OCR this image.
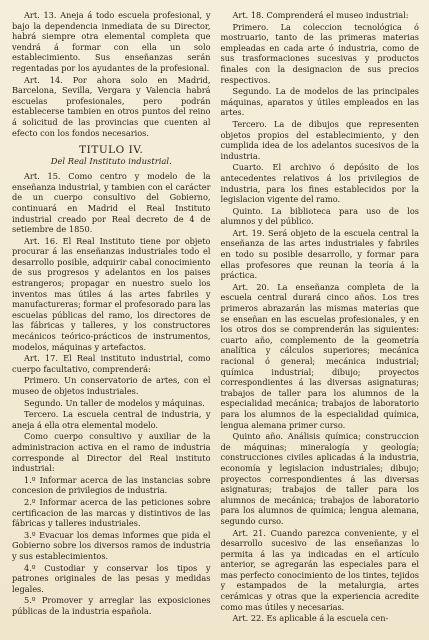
Art. 13. Aneja á todo escuela profesional, y bajo la dependencia inmediata de su Director, habrá siempre otra elemental completa que vendrá á formar con ella un solo establecimiento. Sus enseñanzas serán regentadas por los ayudantes de la profesional.

Art. 14. Por ahora solo en Madrid, Barcelona, Sevilla, Vergara y Valencia habrá escuelas profesionales, pero podrán establecerse tambien en otros puntos del reino á solicitud de las provincias que cuenten al efecto con los fondos necesarios.

TITULO IV.
Del Real Instituto industrial.

Art. 15. Como centro y modelo de la enseñanza industrial, y tambien con el carácter de un cuerpo consultivo del Gobierno, continuará en Madrid el Real Instituto industrial creado por Real decreto de 4 de setiembre de 1850.

Art. 16. El Real Instituto tiene por objeto procurar á las enseñanzas industriales todo el desarrollo posible, adquirir cabal conocimiento de sus progresos y adelantos en los paises estrangeros; propagar en nuestro suelo los inventos mas útiles á las artes fabriles y manufactureras; formar el profesorado para las escuelas públicas del ramo, los directores de las fábricas y talleres, y los constructores mecánicos teórico-prácticos de instrumentos, modelos, máquinas y artefactos.

Art. 17. El Real instituto industrial, como cuerpo facultativo, comprenderá:

Primero. Un conservatorio de artes, con el museo de objetos industriales.

Segundo. Un taller de modelos y máquinas.

Tercero. La escuela central de industria, y aneja á ella otra elemental modelo.

Como cuerpo consultivo y auxiliar de la administracion activa en el ramo de industria corresponde al Director del Real instituto industrial:

1.º Informar acerca de las instancias sobre concesion de privilegios de industria.

2.º Informar acerca de las peticiones sobre certificacion de las marcas y distintivos de las fábricas y talleres industriales.

3.º Evacuar los demas informes que pida el Gobierno sobre los diversos ramos de industria y sus establecimientos.

4.º Custodiar y conservar los tipos y patrones originales de las pesas y medidas legales.

5.º Promover y arreglar las exposiciones públicas de la industria española.

Art. 18. Comprenderá el museo industrial:

Primero. La coleccion tecnológica ó mostruario, tanto de las primeras materias empleadas en cada arte ó industria, como de sus trasformaciones sucesivas y productos finales con la designacion de sus precios respectivos.

Segundo. La de modelos de las principales máquinas, aparatos y útiles empleados en las artes.

Tercero. La de dibujos que representen objetos propios del establecimiento, y den cumplida idea de los adelantos sucesivos de la industria.

Cuarto. El archivo ó depósito de los antecedentes relativos á los privilegios de industria, para los fines establecidos por la legislacion vigente del ramo.

Quinto. La biblioteca para uso de los alumnos y del público.

Art. 19. Será objeto de la escuela central la enseñanza de las artes industriales y fabriles en todo su posible desarrollo, y formar para ellas profesores que reunan la teoría á la práctica.

Art. 20. La enseñanza completa de la escuela central durará cinco años. Los tres primeros abrazarán las mismas materias que se enseñan en las escuelas profesionales, y en los otros dos se comprenderán las siguientes: cuarto año, complemento de la geometría analítica y cálculos superiores; mecánica racional ó general; mecánica industrial; química industrial; dibujo; proyectos correspondientes á las diversas asignaturas; trabajos de taller para los alumnos de la especialidad mecánica; trabajos de laboratorio para los alumnos de la especialidad química, lengua alemana primer curso.

Quinto año. Análisis química; construccion de máquinas; mineralogía y geología; construcciones civiles aplicadas á la industria, economía y legislacion industriales; dibujo; proyectos correspondientes á las diversas asignaturas; trabajos de taller para los alumnos de mecánica; trabajos de laboratorio para los alumnos de química; lengua alemana, segundo curso.

Art. 21. Cuando parezca conveniente, y el desarrollo sucesivo de las enseñanzas lo permita á las ya indicadas en el artículo anterior, se agregarán las especiales para el mas perfecto conocimiento de los tintes, tejidos y estampados de la metalurgia, artes cerámicas y otras que la experiencia acredite como mas útiles y necesarias.

Art. 22. Es aplicable á la escuela cen-
